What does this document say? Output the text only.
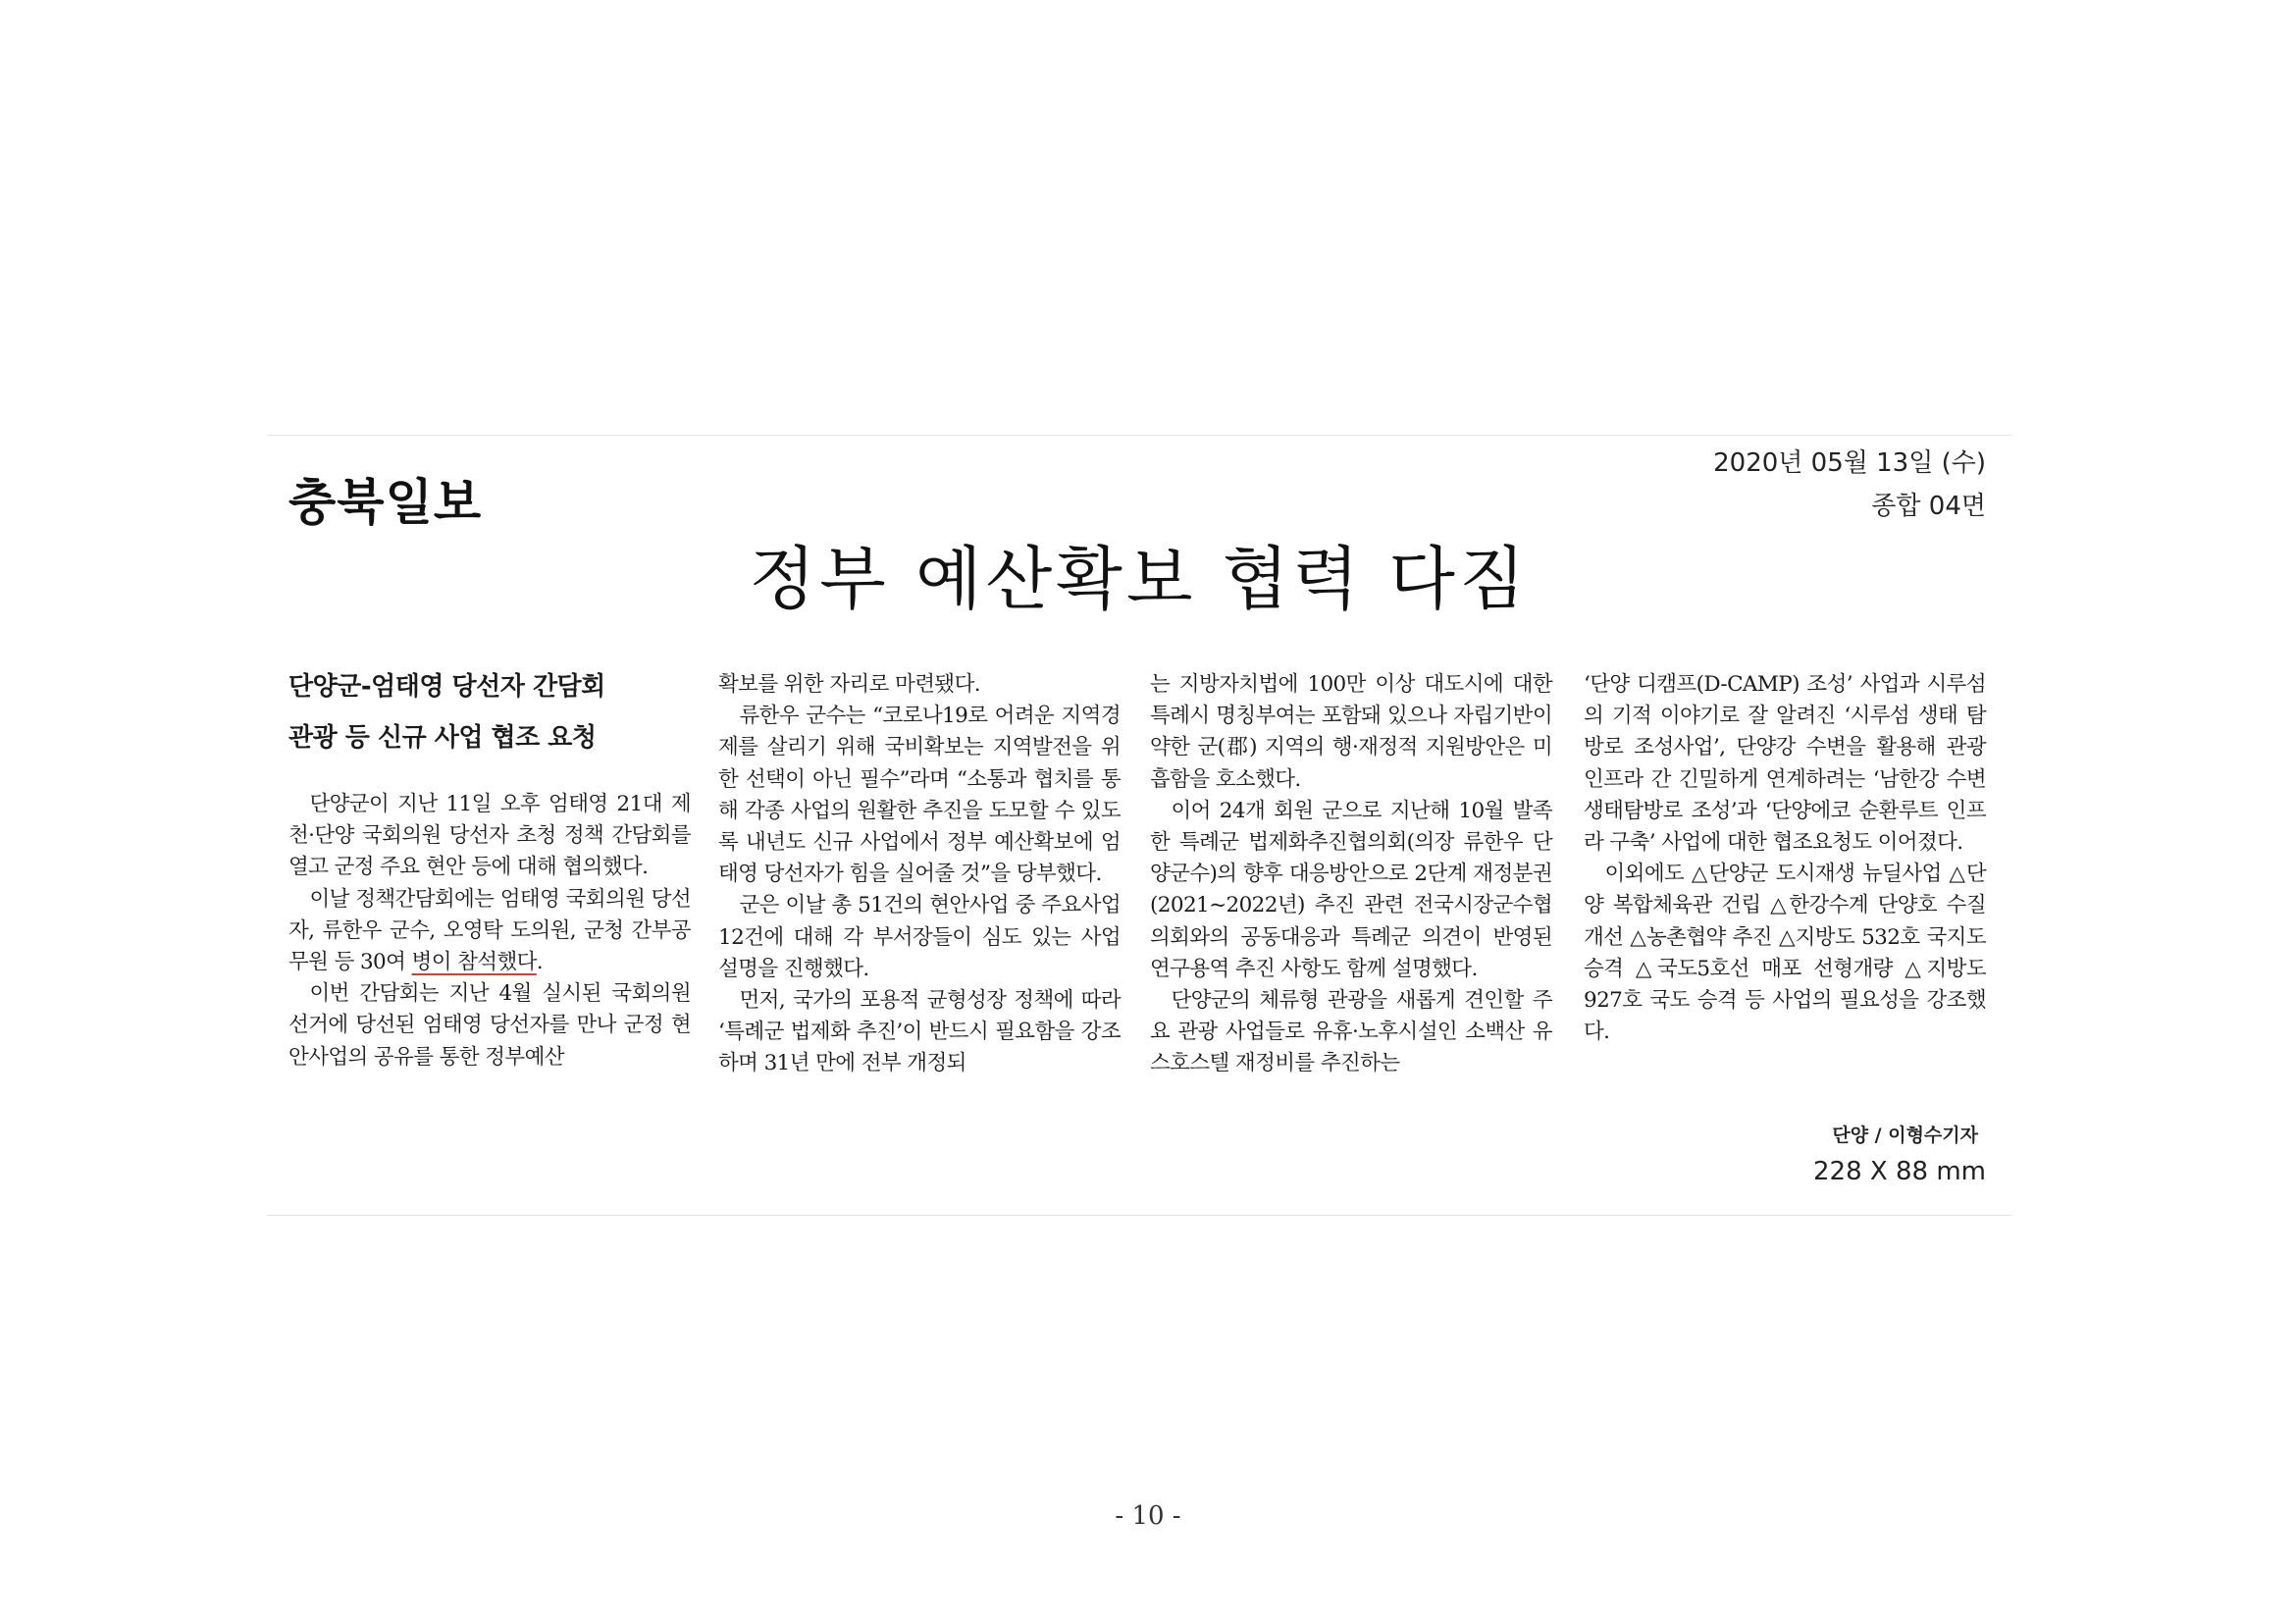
충북일보
2020년 05월 13일 (수)
종합 04면
정부 예산확보 협력 다짐
단양군-엄태영 당선자 간담회
관광 등 신규 사업 협조 요청

단양군이 지난 11일 오후 엄태영 21대 제천·단양 국회의원 당선자 초청 정책 간담회를 열고 군정 주요 현안 등에 대해 협의했다.

이날 정책간담회에는 엄태영 국회의원 당선자, 류한우 군수, 오영탁 도의원, 군청 간부공무원 등 30여 병이 참석했다.

이번 간담회는 지난 4월 실시된 국회의원 선거에 당선된 엄태영 당선자를 만나 군정 현안사업의 공유를 통한 정부예산

확보를 위한 자리로 마련됐다.

류한우 군수는 “코로나19로 어려운 지역경제를 살리기 위해 국비확보는 지역발전을 위한 선택이 아닌 필수”라며 “소통과 협치를 통해 각종 사업의 원활한 추진을 도모할 수 있도록 내년도 신규 사업에서 정부 예산확보에 엄태영 당선자가 힘을 실어줄 것”을 당부했다.

군은 이날 총 51건의 현안사업 중 주요사업 12건에 대해 각 부서장들이 심도 있는 사업 설명을 진행했다.

먼저, 국가의 포용적 균형성장 정책에 따라 ‘특례군 법제화 추진’이 반드시 필요함을 강조하며 31년 만에 전부 개정되

는 지방자치법에 100만 이상 대도시에 대한 특례시 명칭부여는 포함돼 있으나 자립기반이 약한 군(郡) 지역의 행·재정적 지원방안은 미흡함을 호소했다.

이어 24개 회원 군으로 지난해 10월 발족한 특례군 법제화추진협의회(의장 류한우 단양군수)의 향후 대응방안으로 2단계 재정분권(2021~2022년) 추진 관련 전국시장군수협의회와의 공동대응과 특례군 의견이 반영된 연구용역 추진 사항도 함께 설명했다.

단양군의 체류형 관광을 새롭게 견인할 주요 관광 사업들로 유휴·노후시설인 소백산 유스호스텔 재정비를 추진하는

‘단양 디캠프(D-CAMP) 조성’ 사업과 시루섬의 기적 이야기로 잘 알려진 ‘시루섬 생태 탐방로 조성사업’, 단양강 수변을 활용해 관광 인프라 간 긴밀하게 연계하려는 ‘남한강 수변 생태탐방로 조성’과 ‘단양에코 순환루트 인프라 구축’ 사업에 대한 협조요청도 이어졌다.

이외에도 △단양군 도시재생 뉴딜사업 △단양 복합체육관 건립 △한강수계 단양호 수질개선 △농촌협약 추진 △지방도 532호 국지도 승격 △국도5호선 매포 선형개량 △지방도 927호 국도 승격 등 사업의 필요성을 강조했다.

단양 / 이형수기자
228 X 88 mm
- 10 -
